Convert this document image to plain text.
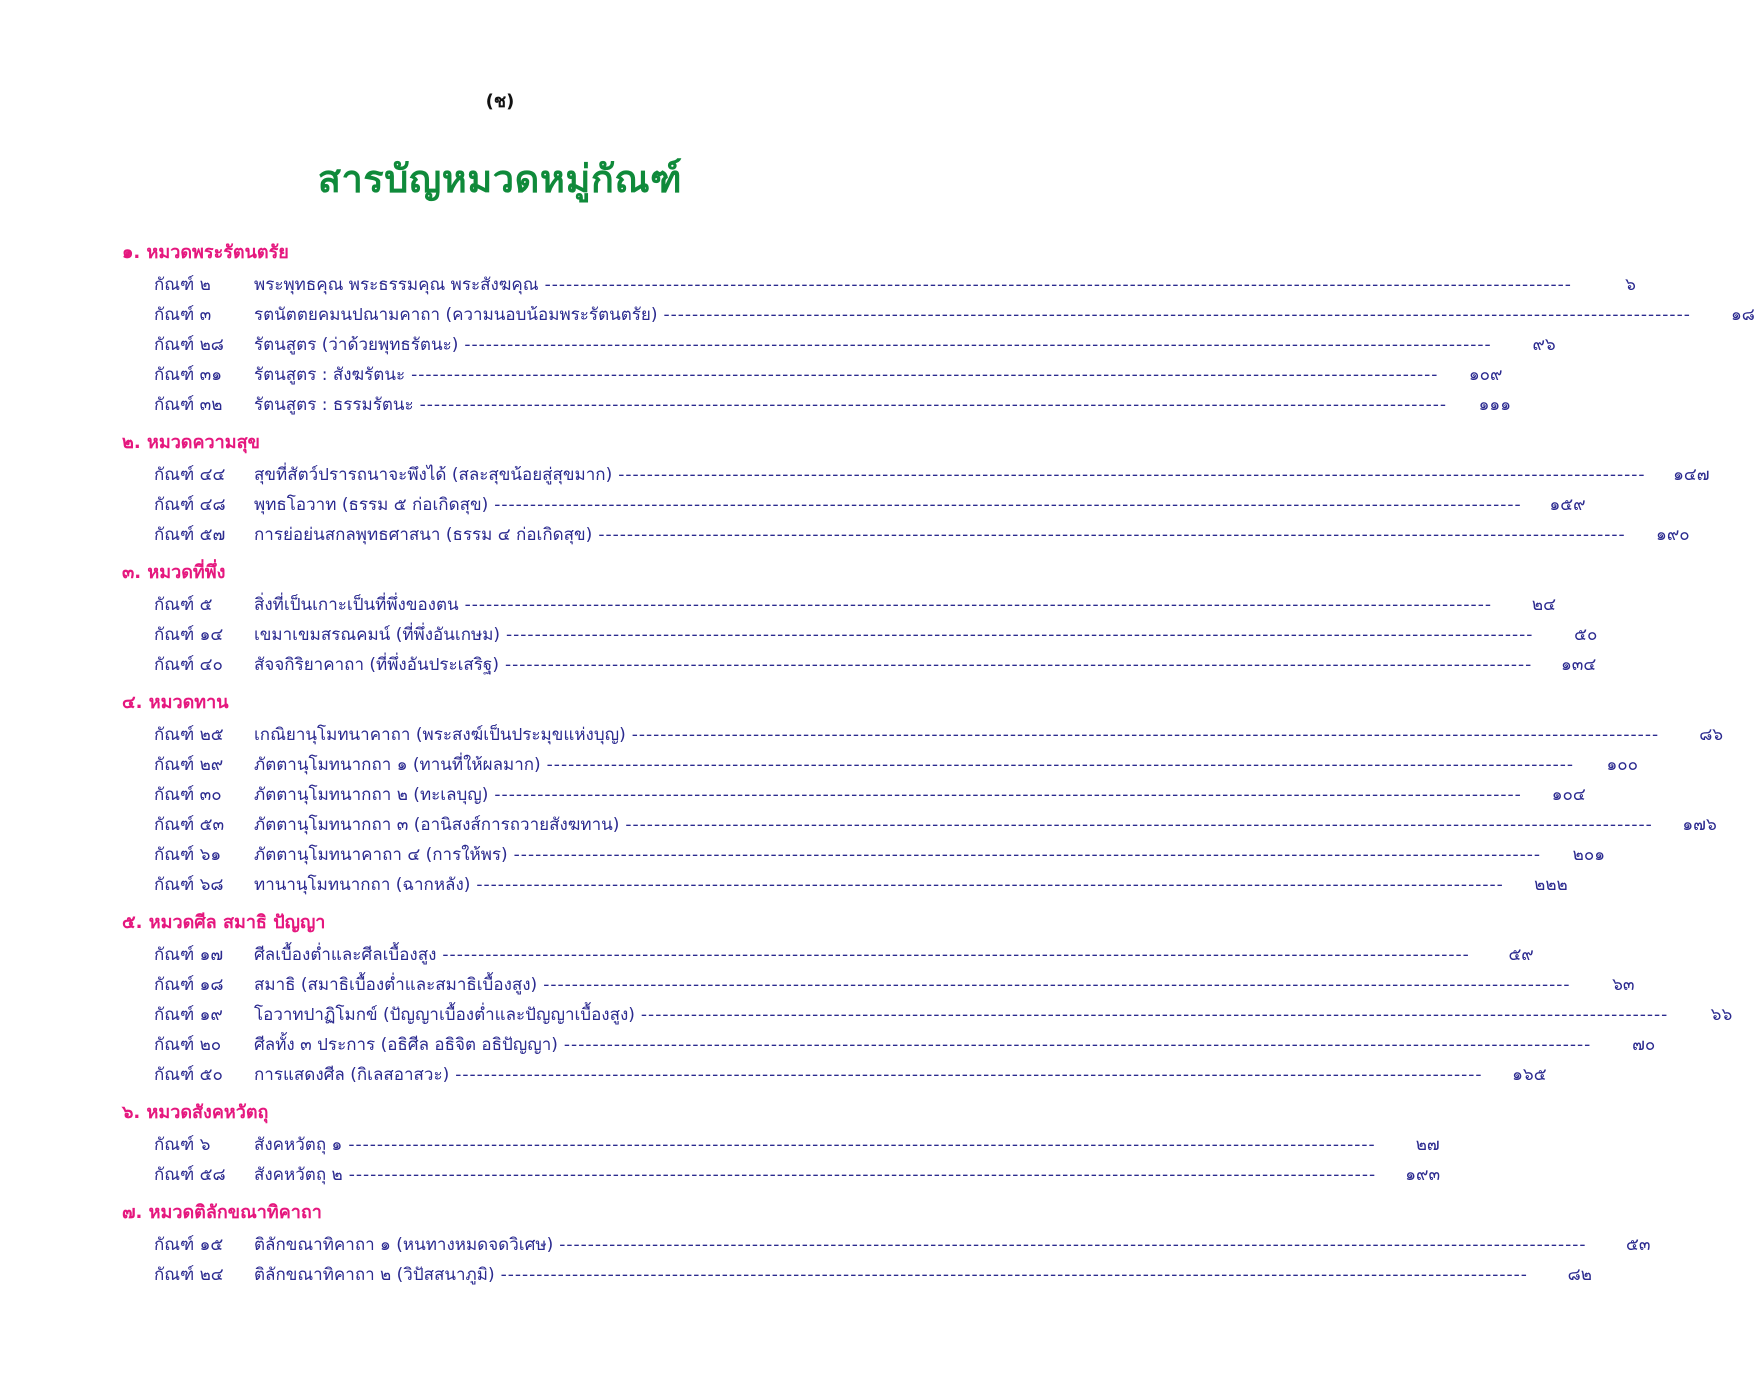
(ช)
สารบัญหมวดหมู่กัณฑ์
๑. หมวดพระรัตนตรัย
กัณฑ์ ๒	พระพุทธคุณ พระธรรมคุณ พระสังฆคุณ -----	๖
กัณฑ์ ๓	รตนัตตยคมนปณามคาถา (ความนอบน้อมพระรัตนตรัย) -----	๑๘
กัณฑ์ ๒๘	รัตนสูตร (ว่าด้วยพุทธรัตนะ) -----	๙๖
กัณฑ์ ๓๑	รัตนสูตร : สังฆรัตนะ -----	๑๐๙
กัณฑ์ ๓๒	รัตนสูตร : ธรรมรัตนะ -----	๑๑๑
๒. หมวดความสุข
กัณฑ์ ๔๔	สุขที่สัตว์ปรารถนาจะพึงได้ (สละสุขน้อยสู่สุขมาก) -----	๑๔๗
กัณฑ์ ๔๘	พุทธโอวาท (ธรรม ๕ ก่อเกิดสุข) -----	๑๕๙
กัณฑ์ ๕๗	การย่อย่นสกลพุทธศาสนา (ธรรม ๔ ก่อเกิดสุข) -----	๑๙๐
๓. หมวดที่พึ่ง
กัณฑ์ ๕	สิ่งที่เป็นเกาะเป็นที่พึ่งของตน -----	๒๔
กัณฑ์ ๑๔	เขมาเขมสรณคมน์ (ที่พึ่งอันเกษม) -----	๕๐
กัณฑ์ ๔๐	สัจจกิริยาคาถา (ที่พึ่งอันประเสริฐ) -----	๑๓๔
๔. หมวดทาน
กัณฑ์ ๒๕	เกณิยานุโมทนาคาถา (พระสงฆ์เป็นประมุขแห่งบุญ) -----	๘๖
กัณฑ์ ๒๙	ภัตตานุโมทนากถา ๑ (ทานที่ให้ผลมาก) -----	๑๐๐
กัณฑ์ ๓๐	ภัตตานุโมทนากถา ๒ (ทะเลบุญ) -----	๑๐๔
กัณฑ์ ๕๓	ภัตตานุโมทนากถา ๓ (อานิสงส์การถวายสังฆทาน) -----	๑๗๖
กัณฑ์ ๖๑	ภัตตานุโมทนาคาถา ๔ (การให้พร) -----	๒๐๑
กัณฑ์ ๖๘	ทานานุโมทนากถา (ฉากหลัง) -----	๒๒๒
๕. หมวดศีล สมาธิ ปัญญา
กัณฑ์ ๑๗	ศีลเบื้องต่ำและศีลเบื้องสูง -----	๕๙
กัณฑ์ ๑๘	สมาธิ (สมาธิเบื้องต่ำและสมาธิเบื้องสูง) -----	๖๓
กัณฑ์ ๑๙	โอวาทปาฏิโมกข์ (ปัญญาเบื้องต่ำและปัญญาเบื้องสูง) -----	๖๖
กัณฑ์ ๒๐	ศีลทั้ง ๓ ประการ (อธิศีล อธิจิต อธิปัญญา) -----	๗๐
กัณฑ์ ๕๐	การแสดงศีล (กิเลสอาสวะ) -----	๑๖๕
๖. หมวดสังคหวัตถุ
กัณฑ์ ๖	สังคหวัตถุ ๑ -----	๒๗
กัณฑ์ ๕๘	สังคหวัตถุ ๒ -----	๑๙๓
๗. หมวดติลักขณาทิคาถา
กัณฑ์ ๑๕	ติลักขณาทิคาถา ๑ (หนทางหมดจดวิเศษ) -----	๕๓
กัณฑ์ ๒๔	ติลักขณาทิคาถา ๒ (วิปัสสนาภูมิ) -----	๘๒
